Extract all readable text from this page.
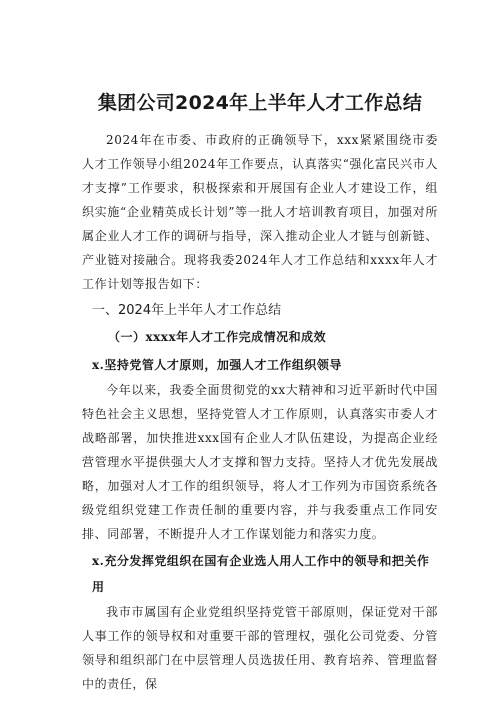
集团公司2024年上半年人才工作总结

2024年在市委、市政府的正确领导下，xxx紧紧围绕市委人才工作领导小组2024年工作要点，认真落实“强化富民兴市人才支撑”工作要求，积极探索和开展国有企业人才建设工作，组织实施“企业精英成长计划”等一批人才培训教育项目，加强对所属企业人才工作的调研与指导，深入推动企业人才链与创新链、产业链对接融合。现将我委2024年人才工作总结和xxxx年人才工作计划等报告如下：

一、2024年上半年人才工作总结
（一）xxxx年人才工作完成情况和成效
x.坚持党管人才原则，加强人才工作组织领导

今年以来，我委全面贯彻党的xx大精神和习近平新时代中国特色社会主义思想，坚持党管人才工作原则，认真落实市委人才战略部署，加快推进xxx国有企业人才队伍建设，为提高企业经营管理水平提供强大人才支撑和智力支持。坚持人才优先发展战略，加强对人才工作的组织领导，将人才工作列为市国资系统各级党组织党建工作责任制的重要内容，并与我委重点工作同安排、同部署，不断提升人才工作谋划能力和落实力度。

x.充分发挥党组织在国有企业选人用人工作中的领导和把关作用

我市市属国有企业党组织坚持党管干部原则，保证党对干部人事工作的领导权和对重要干部的管理权，强化公司党委、分管领导和组织部门在中层管理人员选拔任用、教育培养、管理监督中的责任，保
